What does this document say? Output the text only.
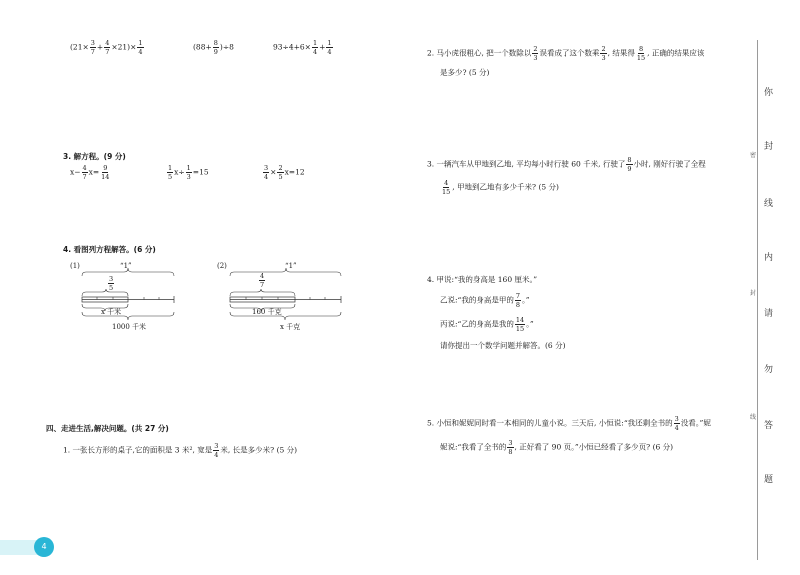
$(21\times \frac{3}{7} + \frac{4}{7} \times 21)\times \frac{1}{4}$	$(88+ \frac{8}{9} )\div 8$	$93\div 4+6\times \frac{1}{4} + \frac{1}{4}$
3. 解方程。(9 分)
$x- \frac{4}{7} x= \frac{9}{14}$	$\frac{1}{5} x\div \frac{1}{3} =15$	$\frac{3}{4} \times \frac{2}{5} x=12$
4. 看图列方程解答。(6 分)
(1)	“1”
$\frac{3}{5}$
x 千米
1000 千米
(2)	“1”
$\frac{4}{7}$
160 千克
x 千克
四、走进生活,解决问题。(共 27 分)
1. 一张长方形的桌子,它的面积是 3 米², 宽是 $\frac{3}{4}$ 米, 长是多少米? (5 分)
2. 马小虎很粗心, 把一个数除以 $\frac{2}{3}$ 误看成了这个数乘 $\frac{2}{3}$ , 结果得 $\frac{8}{15}$ , 正确的结果应该
是多少? (5 分)
3. 一辆汽车从甲地到乙地, 平均每小时行驶 60 千米, 行驶了 $\frac{8}{9}$ 小时, 刚好行驶了全程
$\frac{4}{15}$ , 甲地到乙地有多少千米? (5 分)
4. 甲说:“我的身高是 160 厘米。”
乙说:“我的身高是甲的 $\frac{7}{8}$ 。”
丙说:“乙的身高是我的 $\frac{14}{15}$ 。”
请你提出一个数学问题并解答。(6 分)
5. 小恒和妮妮同时看一本相同的儿童小说。三天后, 小恒说:“我还剩全书的 $\frac{3}{4}$ 没看。”妮
妮说:“我看了全书的 $\frac{3}{8}$ , 正好看了 90 页。”小恒已经看了多少页? (6 分)
你
封
线
内
请
勿
答
题
密
封
线
4
